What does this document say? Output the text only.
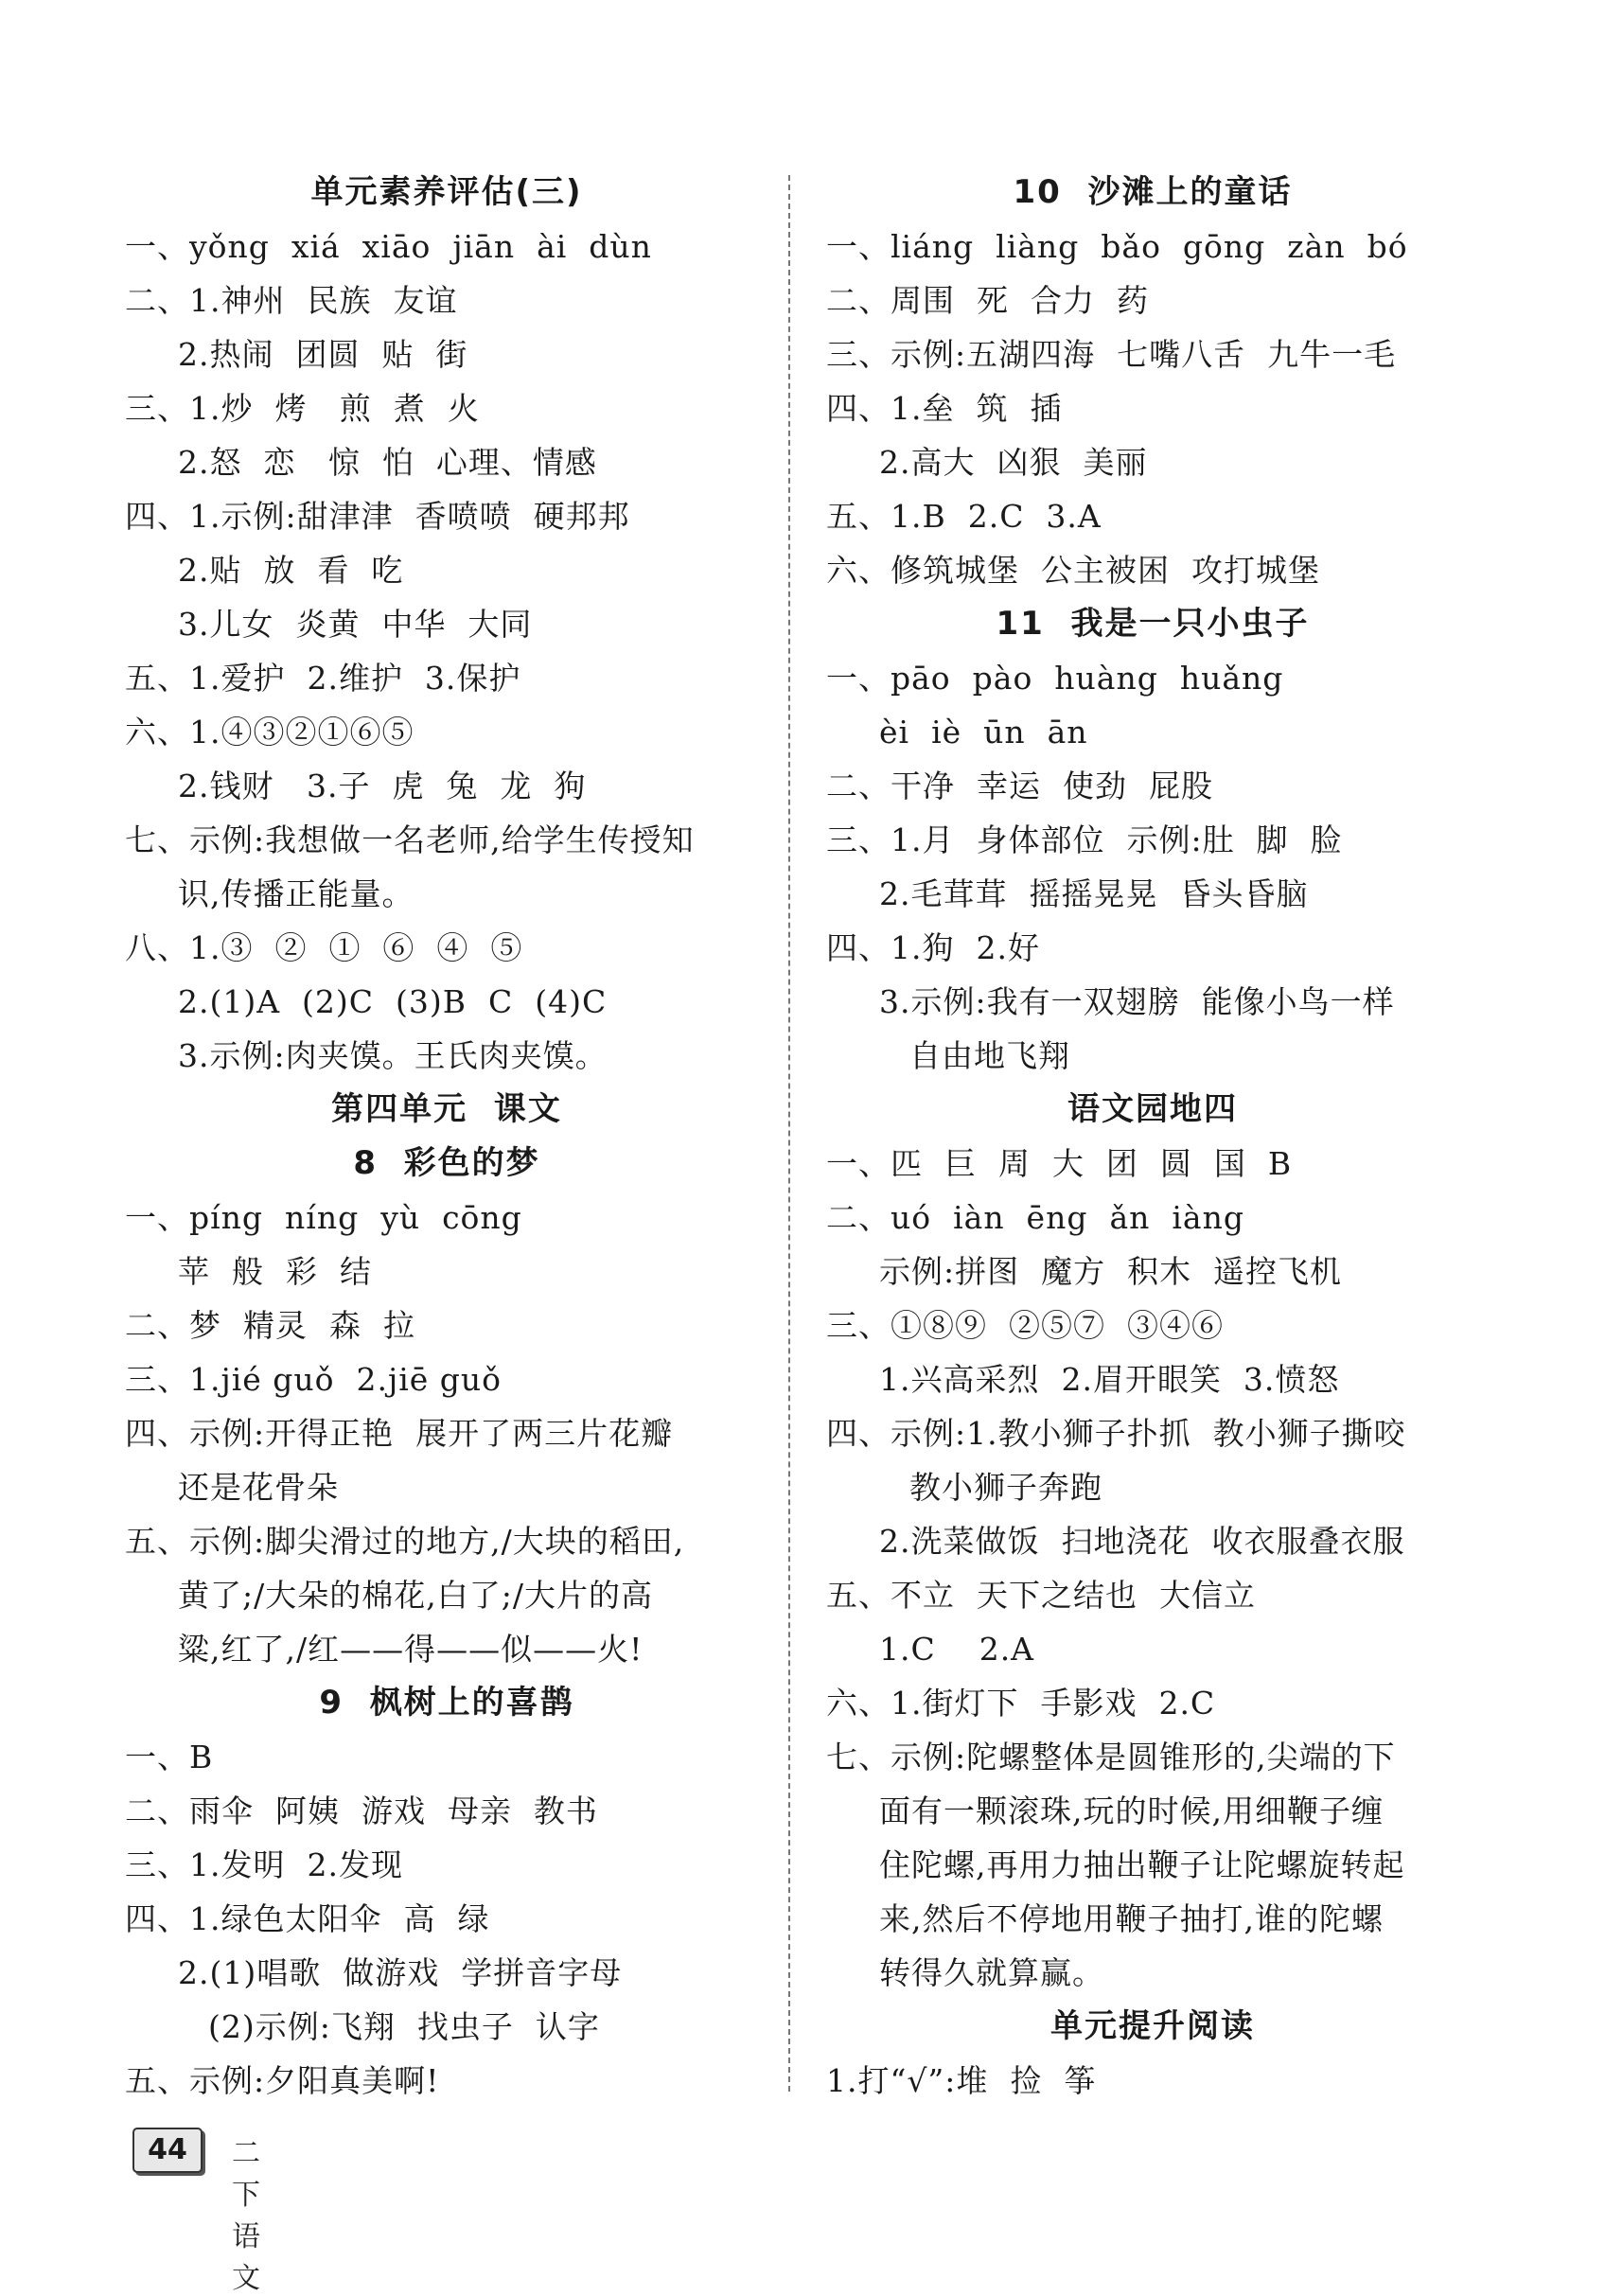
单元素养评估(三)
一、yǒng  xiá  xiāo  jiān  ài  dùn
二、1.神州  民族  友谊
2.热闹  团圆  贴  街
三、1.炒  烤   煎  煮  火
2.怒  恋   惊  怕  心理、情感
四、1.示例:甜津津  香喷喷  硬邦邦
2.贴  放  看  吃
3.儿女  炎黄  中华  大同
五、1.爱护  2.维护  3.保护
六、1.④③②①⑥⑤
2.钱财   3.子  虎  兔  龙  狗
七、示例:我想做一名老师,给学生传授知
识,传播正能量。
八、1.③  ②  ①  ⑥  ④  ⑤
2.(1)A  (2)C  (3)B  C  (4)C
3.示例:肉夹馍。王氏肉夹馍。
第四单元  课文
8  彩色的梦
一、píng  níng  yù  cōng
苹  般  彩  结
二、梦  精灵  森  拉
三、1.jié guǒ  2.jiē guǒ
四、示例:开得正艳  展开了两三片花瓣
还是花骨朵
五、示例:脚尖滑过的地方,/大块的稻田,
黄了;/大朵的棉花,白了;/大片的高
粱,红了,/红——得——似——火!
9  枫树上的喜鹊
一、B
二、雨伞  阿姨  游戏  母亲  教书
三、1.发明  2.发现
四、1.绿色太阳伞  高  绿
2.(1)唱歌  做游戏  学拼音字母
(2)示例:飞翔  找虫子  认字
五、示例:夕阳真美啊!
10  沙滩上的童话
一、liáng  liàng  bǎo  gōng  zàn  bó
二、周围  死  合力  药
三、示例:五湖四海  七嘴八舌  九牛一毛
四、1.垒  筑  插
2.高大  凶狠  美丽
五、1.B  2.C  3.A
六、修筑城堡  公主被困  攻打城堡
11  我是一只小虫子
一、pāo  pào  huàng  huǎng
èi  iè  ūn  ān
二、干净  幸运  使劲  屁股
三、1.月  身体部位  示例:肚  脚  脸
2.毛茸茸  摇摇晃晃  昏头昏脑
四、1.狗  2.好
3.示例:我有一双翅膀  能像小鸟一样
自由地飞翔
语文园地四
一、匹  巨  周  大  团  圆  国  B
二、uó  iàn  ēng  ǎn  iàng
示例:拼图  魔方  积木  遥控飞机
三、①⑧⑨  ②⑤⑦  ③④⑥
1.兴高采烈  2.眉开眼笑  3.愤怒
四、示例:1.教小狮子扑抓  教小狮子撕咬
教小狮子奔跑
2.洗菜做饭  扫地浇花  收衣服叠衣服
五、不立  天下之结也  大信立
1.C    2.A
六、1.街灯下  手影戏  2.C
七、示例:陀螺整体是圆锥形的,尖端的下
面有一颗滚珠,玩的时候,用细鞭子缠
住陀螺,再用力抽出鞭子让陀螺旋转起
来,然后不停地用鞭子抽打,谁的陀螺
转得久就算赢。
单元提升阅读
1.打“√”:堆  捡  筝
44	二下语文
